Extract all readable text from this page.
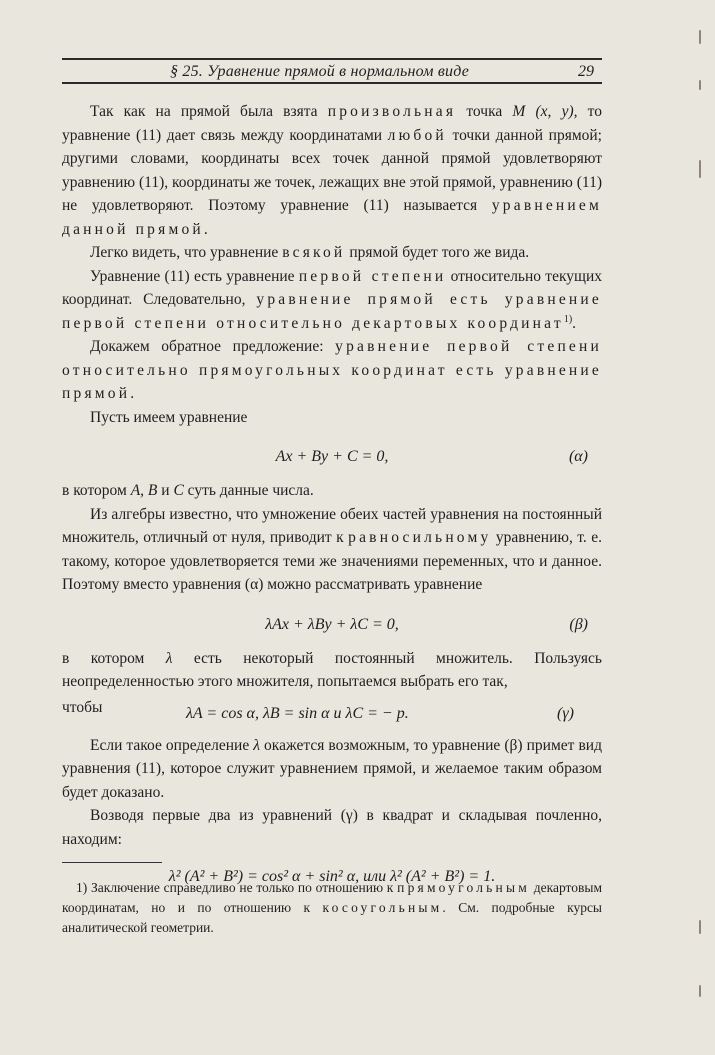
§ 25. Уравнение прямой в нормальном виде	29

Так как на прямой была взята произвольная точка M (x, y), то уравнение (11) дает связь между координатами любой точки данной прямой; другими словами, координаты всех точек данной прямой удовлетворяют уравнению (11), координаты же точек, лежащих вне этой прямой, уравнению (11) не удовлетворяют. Поэтому уравнение (11) называется уравнением данной прямой.

Легко видеть, что уравнение всякой прямой будет того же вида.

Уравнение (11) есть уравнение первой степени относительно текущих координат. Следовательно, уравнение прямой есть уравнение первой степени относительно декартовых координат$^{1)}$.

Докажем обратное предложение: уравнение первой степени относительно прямоугольных координат есть уравнение прямой.

Пусть имеем уравнение

Ax + By + C = 0,	(α)

в котором A, B и C суть данные числа.

Из алгебры известно, что умножение обеих частей уравнения на постоянный множитель, отличный от нуля, приводит к равносильному уравнению, т. е. такому, которое удовлетворяется теми же значениями переменных, что и данное. Поэтому вместо уравнения (α) можно рассматривать уравнение

λAx + λBy + λC = 0,	(β)

в котором λ есть некоторый постоянный множитель. Пользуясь неопределенностью этого множителя, попытаемся выбрать его так,

чтобы	λA = cos α, λB = sin α и λC = − p.	(γ)

Если такое определение λ окажется возможным, то уравнение (β) примет вид уравнения (11), которое служит уравнением прямой, и желаемое таким образом будет доказано.

Возводя первые два из уравнений (γ) в квадрат и складывая почленно, находим:

λ² (A² + B²) = cos² α + sin² α, или λ² (A² + B²) = 1.

1) Заключение справедливо не только по отношению к прямоугольным декартовым координатам, но и по отношению к косоугольным. См. подробные курсы аналитической геометрии.
